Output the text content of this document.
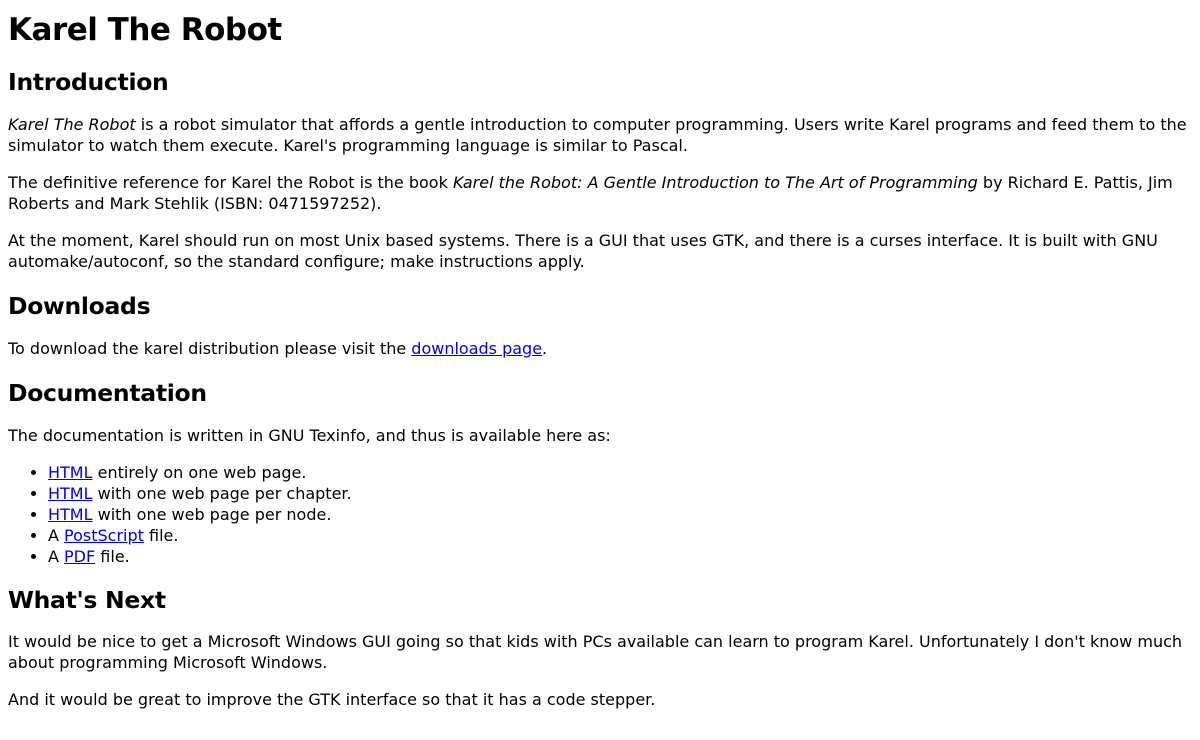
Karel The Robot
Introduction

Karel The Robot is a robot simulator that affords a gentle introduction to computer programming. Users write Karel programs and feed them to the simulator to watch them execute. Karel's programming language is similar to Pascal.

The definitive reference for Karel the Robot is the book Karel the Robot: A Gentle Introduction to The Art of Programming by Richard E. Pattis, Jim Roberts and Mark Stehlik (ISBN: 0471597252).

At the moment, Karel should run on most Unix based systems. There is a GUI that uses GTK, and there is a curses interface. It is built with GNU automake/autoconf, so the standard configure; make instructions apply.

Downloads

To download the karel distribution please visit the downloads page.

Documentation

The documentation is written in GNU Texinfo, and thus is available here as:

• HTML entirely on one web page.
• HTML with one web page per chapter.
• HTML with one web page per node.
• A PostScript file.
• A PDF file.
What's Next

It would be nice to get a Microsoft Windows GUI going so that kids with PCs available can learn to program Karel. Unfortunately I don't know much about programming Microsoft Windows.

And it would be great to improve the GTK interface so that it has a code stepper.
